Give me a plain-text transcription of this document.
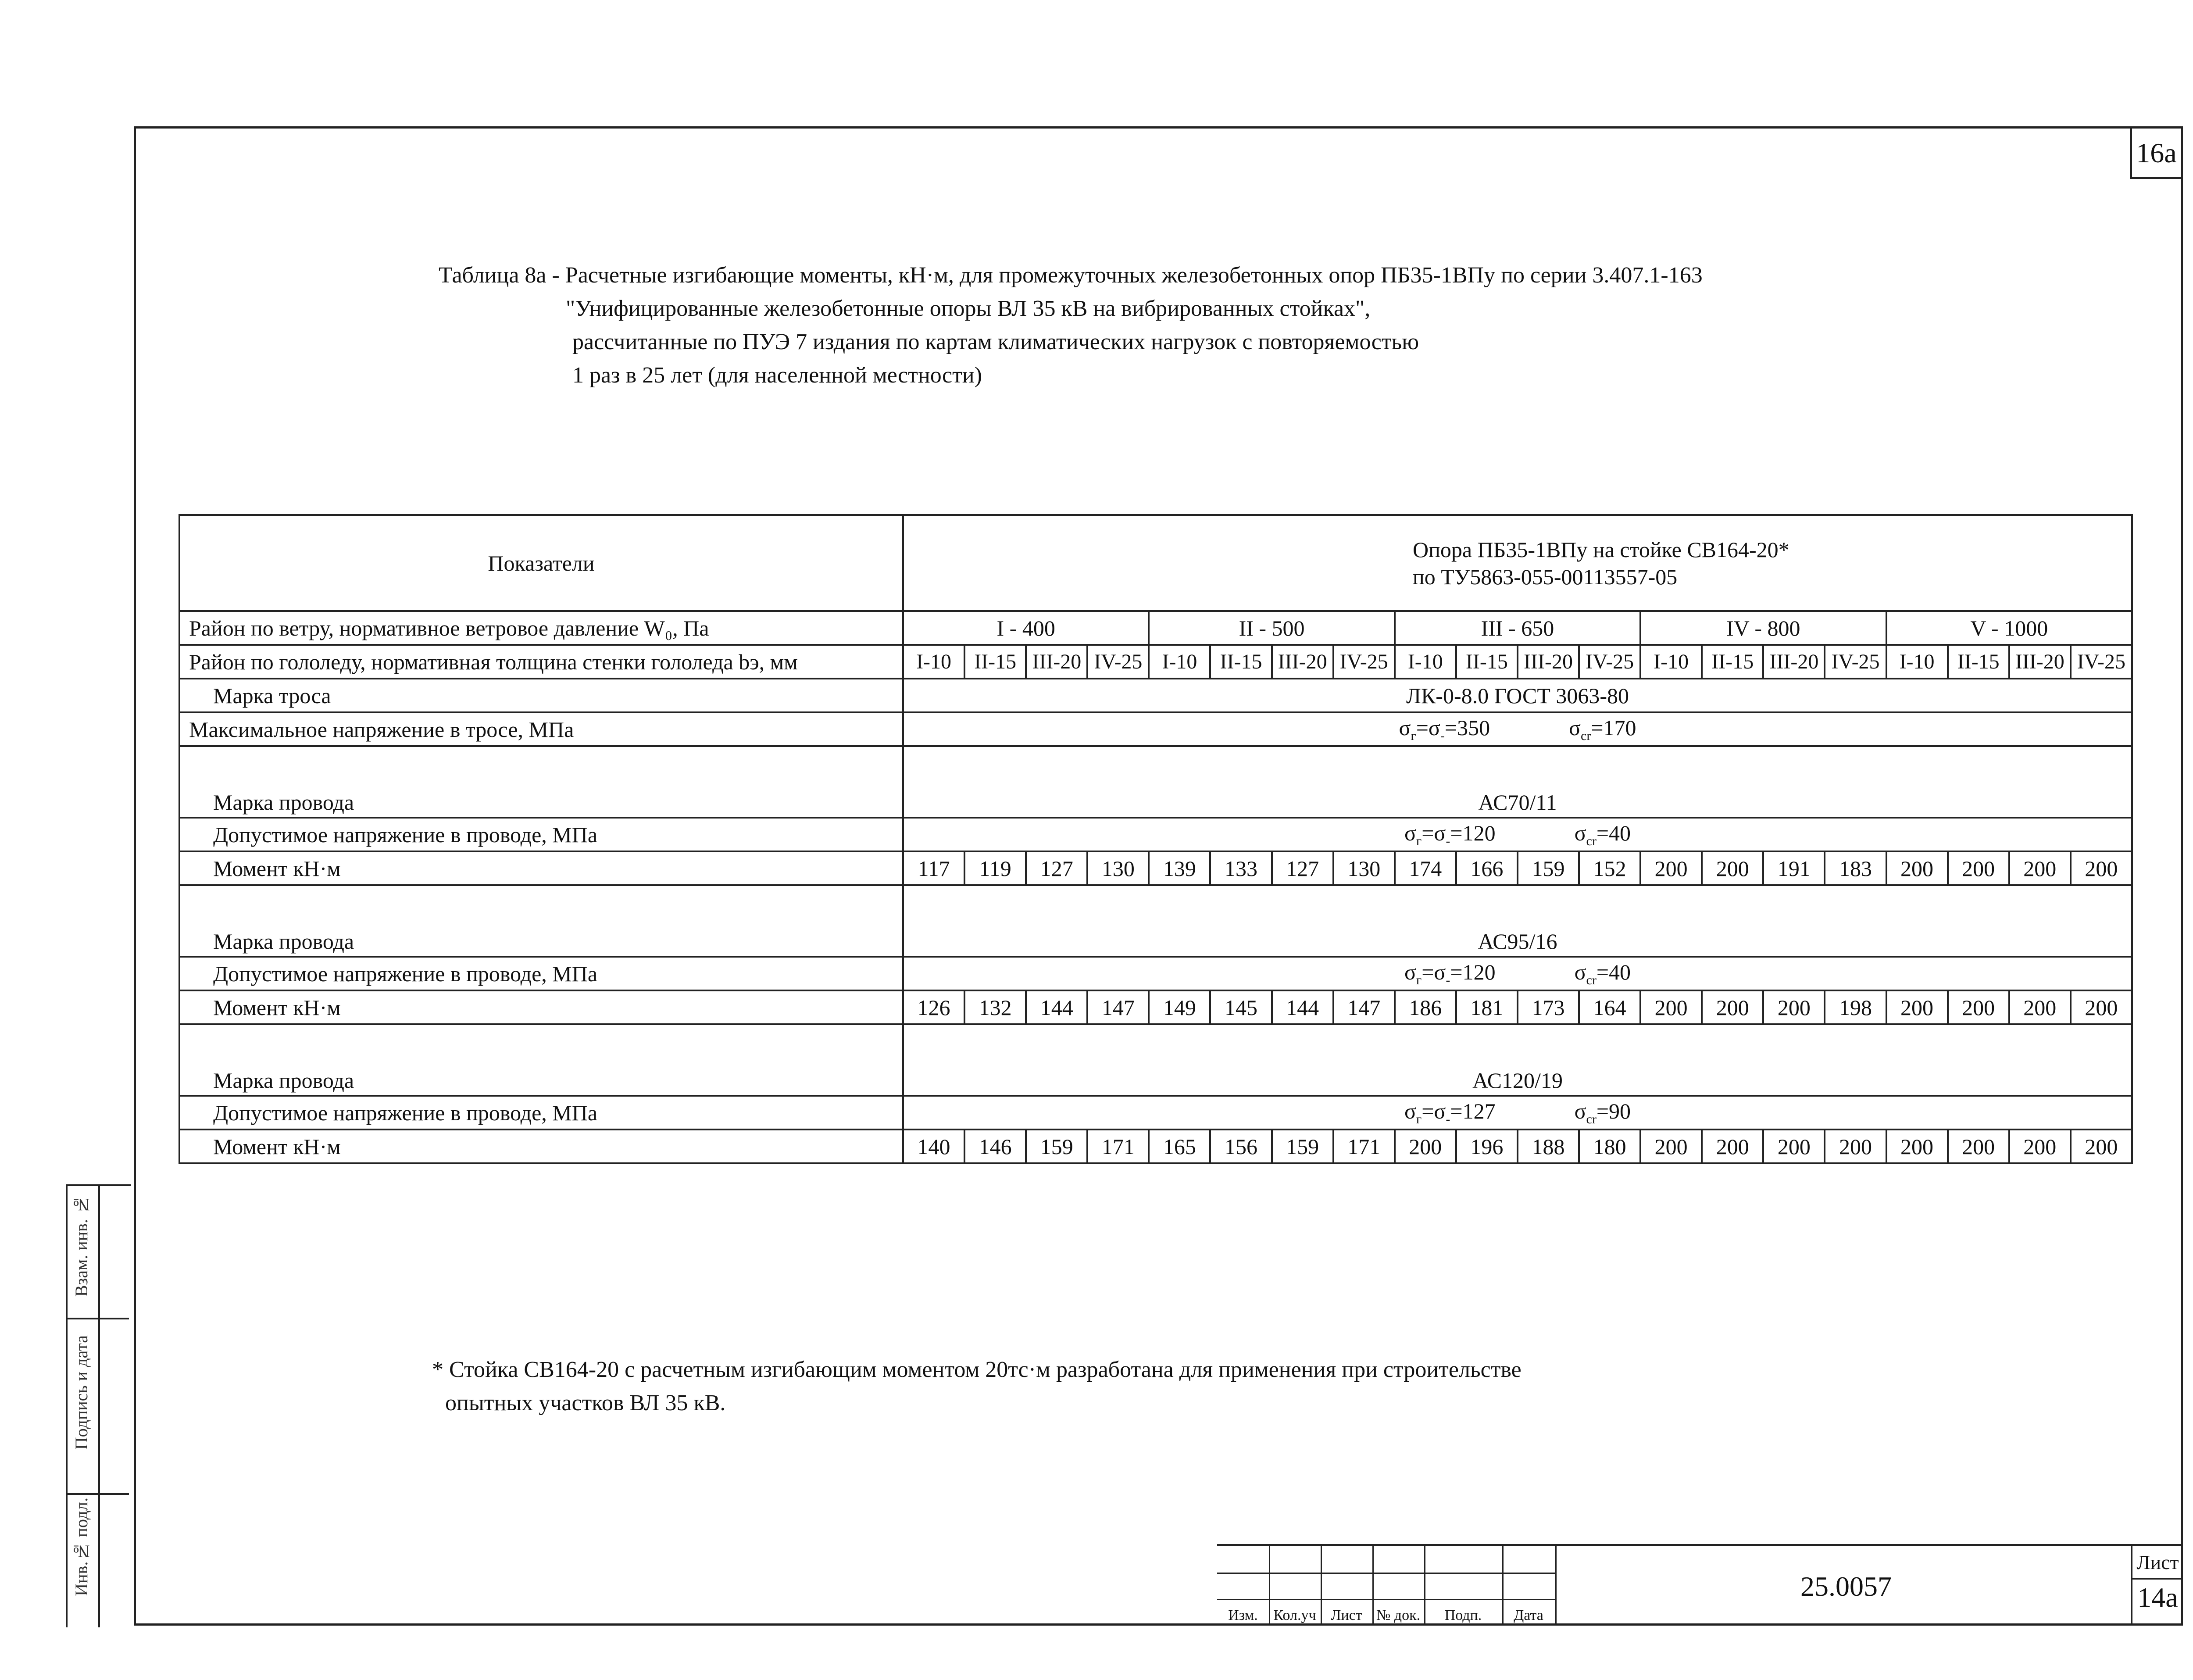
16a
Таблица 8а - Расчетные изгибающие моменты, кН·м, для промежуточных железобетонных опор ПБ35-1ВПу по серии 3.407.1-163
"Унифицированные железобетонные опоры ВЛ 35 кВ на вибрированных стойках",
рассчитанные по ПУЭ 7 издания по картам климатических нагрузок с повторяемостью
1 раз в 25 лет (для населенной местности)
Показатели	Опора ПБ35-1ВПу на стойке СВ164-20*
по ТУ5863-055-00113557-05																			

Район по ветру, нормативное ветровое давление W₀, Па	I - 400				II - 500				III - 650				IV - 800				V - 1000			
Район по гололеду, нормативная толщина стенки гололеда bэ, мм	I-10	II-15	III-20	IV-25	I-10	II-15	III-20	IV-25	I-10	II-15	III-20	IV-25	I-10	II-15	III-20	IV-25	I-10	II-15	III-20	IV-25
Марка троса	ЛК-0-8.0 ГОСТ 3063-80																			
Максимальное напряжение в тросе, МПа	$\sigma_г=\sigma_-=350$ $\sigma_{cr}=170$																			

Марка провода	АС70/11																			
Допустимое напряжение в проводе, МПа	$\sigma_г=\sigma_-=120$ $\sigma_{cr}=40$																			

Момент кН·м	117	119	127	130	139	133	127	130	174	166	159	152	200	200	191	183	200	200	200	200
Марка провода	АС95/16																			
Допустимое напряжение в проводе, МПа	$\sigma_г=\sigma_-=120$ $\sigma_{cr}=40$																			

Момент кН·м	126	132	144	147	149	145	144	147	186	181	173	164	200	200	200	198	200	200	200	200
Марка провода	АС120/19																			
Допустимое напряжение в проводе, МПа	$\sigma_г=\sigma_-=127$ $\sigma_{cr}=90$																			

Момент кН·м	140	146	159	171	165	156	159	171	200	196	188	180	200	200	200	200	200	200	200	200
* Стойка СВ164-20 с расчетным изгибающим моментом 20тс·м разработана для применения при строительстве
опытных участков ВЛ 35 кВ.
Взам. инв. №
Подпись и дата
Инв.№ подл.
Изм.	Кол.уч Лист № док.	Подп.	Дата
25.0057
Лист
14а
